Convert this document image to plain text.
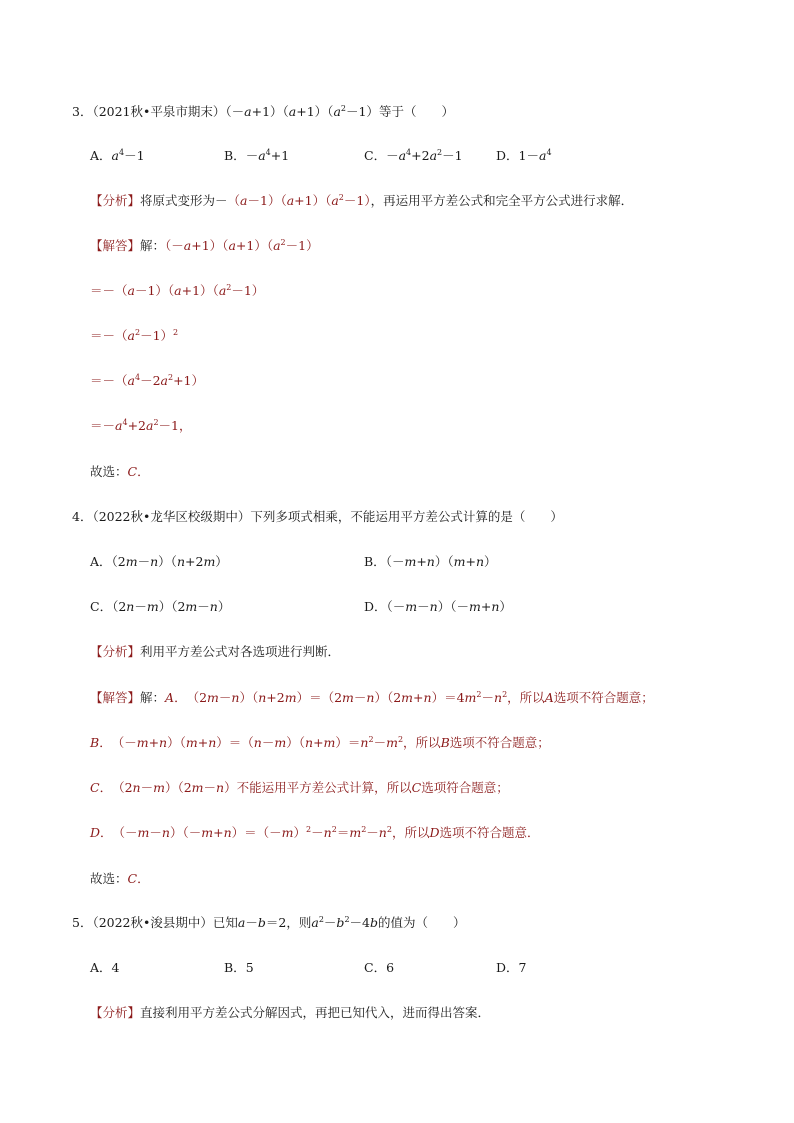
3．（2021秋•平泉市期末）$(-a+1)(a+1)(a^2-1)$等于（　　）
A．$a^4-1$	B．$-a^4+1$	C．$-a^4+2a^2-1$	D．$1-a^4$
【分析】将原式变形为$-(a-1)(a+1)(a^2-1)$，再运用平方差公式和完全平方公式进行求解．
【解答】解：$(-a+1)(a+1)(a^2-1)$
$=-(a-1)(a+1)(a^2-1)$
$=-(a^2-1)^2$
$=-(a^4-2a^2+1)$
$=-a^4+2a^2-1$，
故选：C．
4．（2022秋•龙华区校级期中）下列多项式相乘，不能运用平方差公式计算的是（　　）
A．（2m－n）（n+2m）	B．（－m+n）（m+n）
C．（2n－m）（2m－n）	D．（－m－n）（－m+n）
【分析】利用平方差公式对各选项进行判断．
【解答】解：A．　$(2m-n)(n+2m)=(2m-n)(2m+n)=4m^2-n^2$，所以A选项不符合题意；
B．　$(-m+n)(m+n)=(n-m)(n+m)=n^2-m^2$，所以B选项不符合题意；
C．　（2n－m）（2m－n）不能运用平方差公式计算，所以C选项符合题意；
D．　$(-m-n)(-m+n)=(-m)^2-n^2=m^2-n^2$，所以D选项不符合题意．
故选：C．
5．（2022秋•浚县期中）已知a－b＝2，则$a^2-b^2-4b$的值为（　　）
A．4	B．5	C．6	D．7
【分析】直接利用平方差公式分解因式，再把已知代入，进而得出答案．
